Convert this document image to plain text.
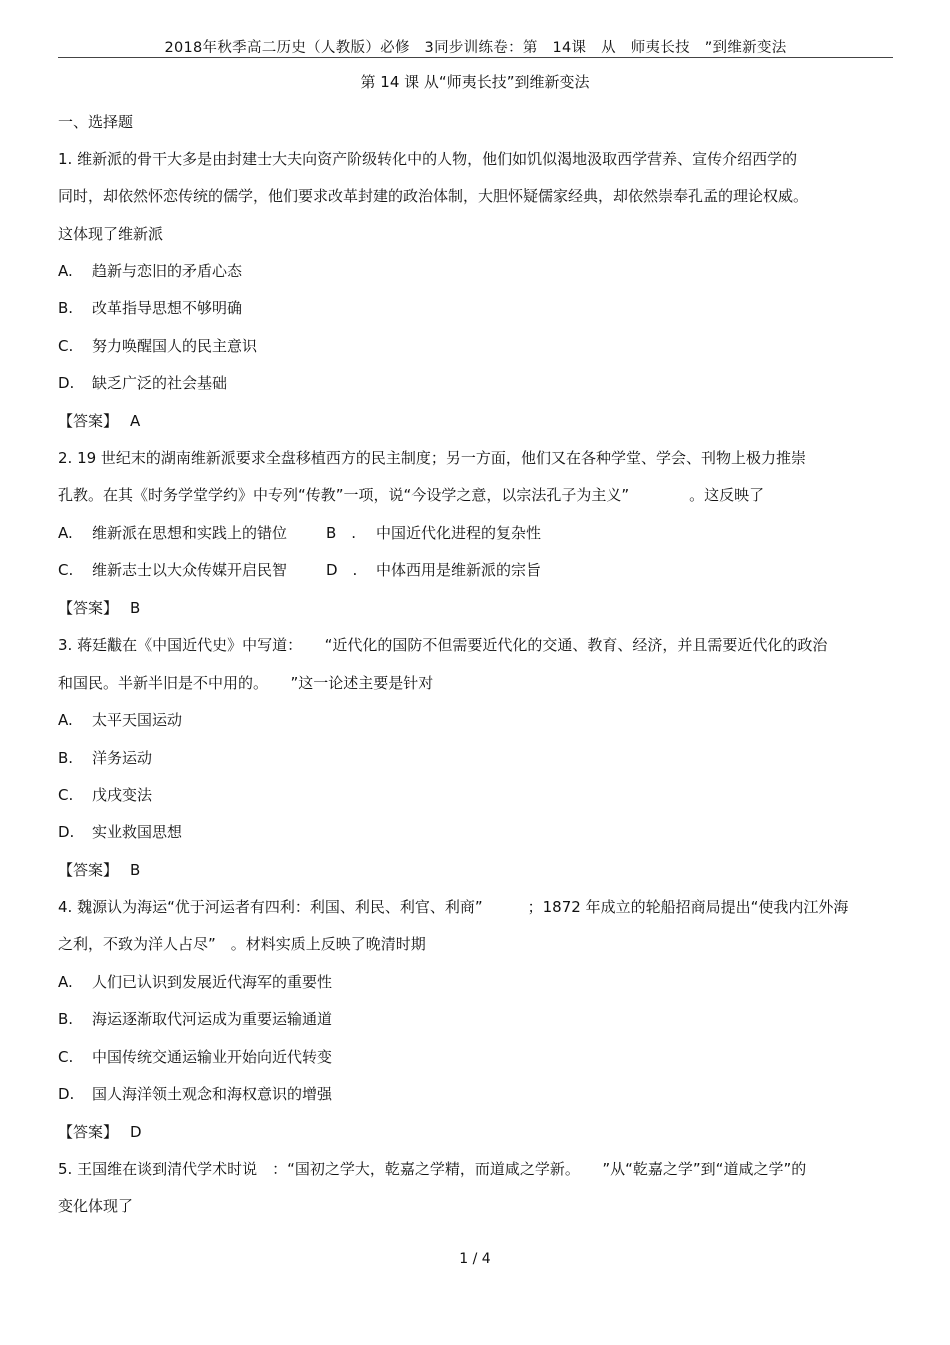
2018年秋季高二历史（人教版）必修　3同步训练卷：第　14课　从　师夷长技　”到维新变法
第 14 课 从“师夷长技”到维新变法
一、选择题
1. 维新派的骨干大多是由封建士大夫向资产阶级转化中的人物，他们如饥似渴地汲取西学营养、宣传介绍西学的
同时，却依然怀恋传统的儒学，他们要求改革封建的政治体制，大胆怀疑儒家经典，却依然崇奉孔孟的理论权威。
这体现了维新派
A. 趋新与恋旧的矛盾心态
B. 改革指导思想不够明确
C. 努力唤醒国人的民主意识
D. 缺乏广泛的社会基础
【答案】 A
2. 19 世纪末的湖南维新派要求全盘移植西方的民主制度；另一方面，他们又在各种学堂、学会、刊物上极力推崇
孔教。在其《时务学堂学约》中专列“传教”一项，说“今设学之意，以宗法孔子为主义”　　　　。这反映了
A. 维新派在思想和实践上的错位	B　. 中国近代化进程的复杂性
C. 维新志士以大众传媒开启民智	D　. 中体西用是维新派的宗旨
【答案】 B
3. 蒋廷黻在《中国近代史》中写道：　　“近代化的国防不但需要近代化的交通、教育、经济，并且需要近代化的政治
和国民。半新半旧是不中用的。　　”这一论述主要是针对
A. 太平天国运动
B. 洋务运动
C. 戊戌变法
D. 实业救国思想
【答案】 B
4. 魏源认为海运“优于河运者有四利：利国、利民、利官、利商”　　　；1872 年成立的轮船招商局提出“使我内江外海
之利，不致为洋人占尽”　。材料实质上反映了晚清时期
A. 人们已认识到发展近代海军的重要性
B. 海运逐渐取代河运成为重要运输通道
C. 中国传统交通运输业开始向近代转变
D. 国人海洋领土观念和海权意识的增强
【答案】 D
5. 王国维在谈到清代学术时说　：“国初之学大，乾嘉之学精，而道咸之学新。　　”从“乾嘉之学”到“道咸之学”的
变化体现了
1 / 4
